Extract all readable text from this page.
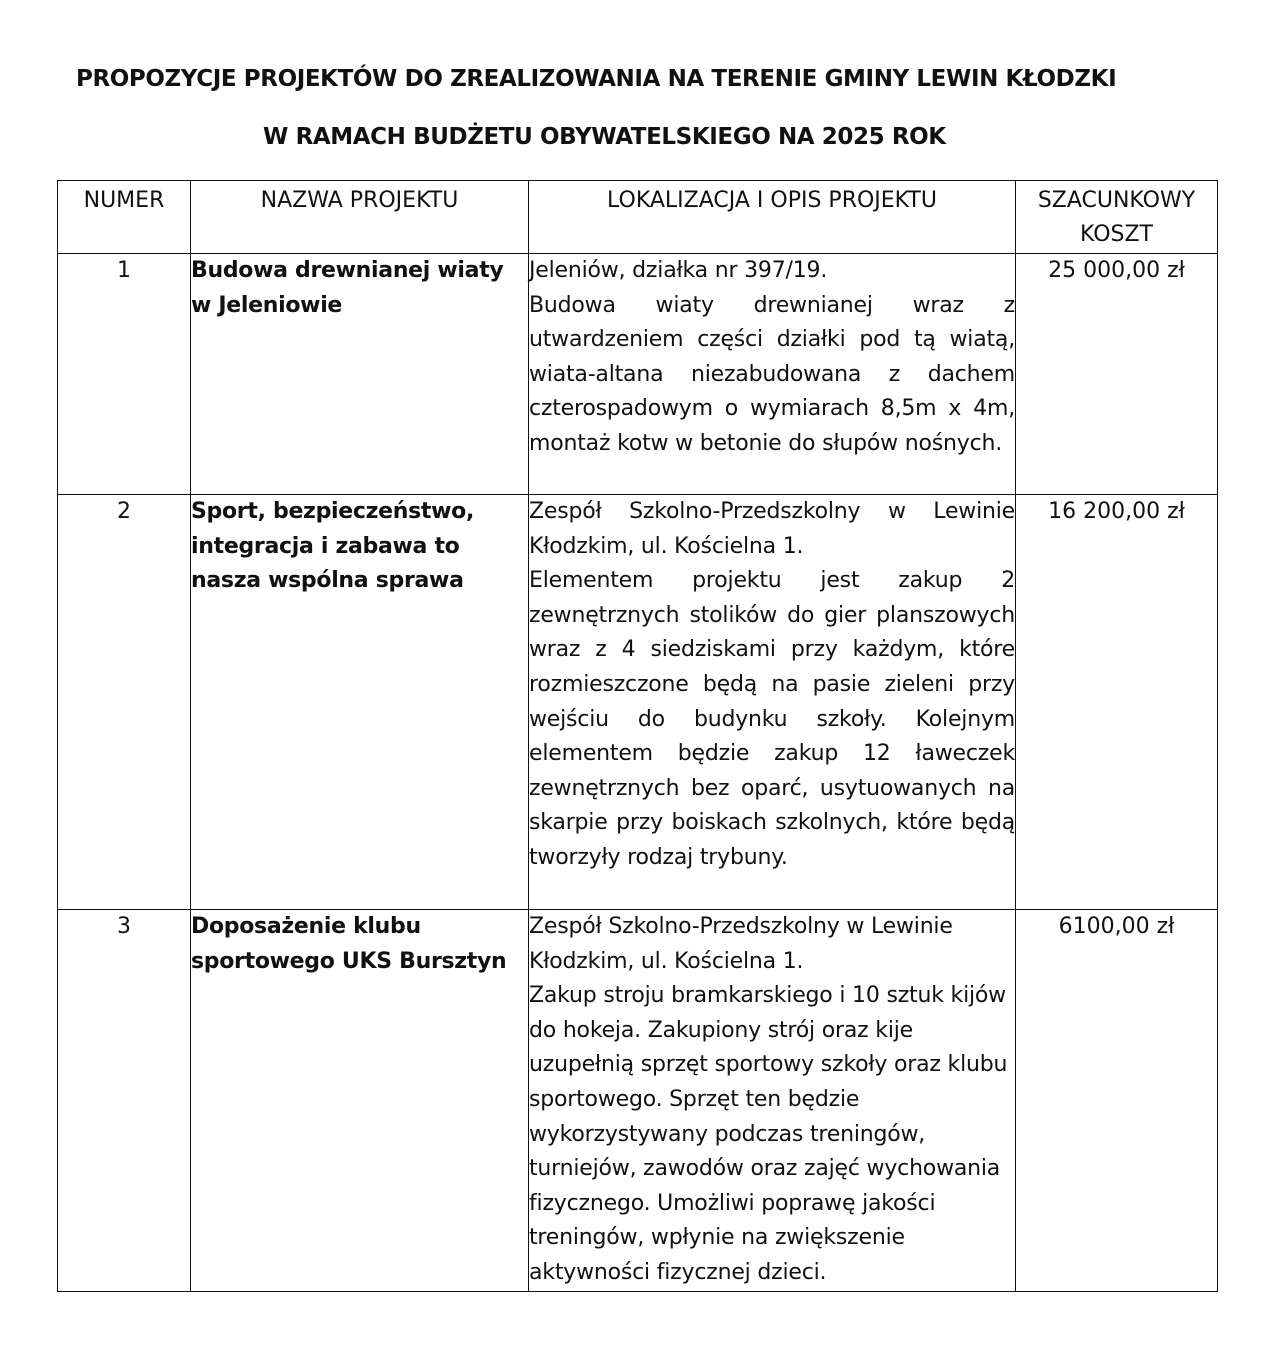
PROPOZYCJE PROJEKTÓW DO ZREALIZOWANIA NA TERENIE GMINY LEWIN KŁODZKI
W RAMACH BUDŻETU OBYWATELSKIEGO NA 2025 ROK
NUMER	NAZWA PROJEKTU	LOKALIZACJA I OPIS PROJEKTU	SZACUNKOWY
KOSZT

1	Budowa drewnianej wiaty w Jeleniowie	Jeleniów, działka nr 397/19.
Budowa wiaty drewnianej wraz z utwardzeniem części działki pod tą wiatą, wiata-altana niezabudowana z dachem czterospadowym o wymiarach 8,5m x 4m, montaż kotw w betonie do słupów nośnych.	25 000,00 zł
2	Sport, bezpieczeństwo, integracja i zabawa to nasza wspólna sprawa	Zespół Szkolno-Przedszkolny w Lewinie Kłodzkim, ul. Kościelna 1.
Elementem projektu jest zakup 2 zewnętrznych stolików do gier planszowych wraz z 4 siedziskami przy każdym, które rozmieszczone będą na pasie zieleni przy wejściu do budynku szkoły. Kolejnym elementem będzie zakup 12 ławeczek zewnętrznych bez oparć, usytuowanych na skarpie przy boiskach szkolnych, które będą tworzyły rodzaj trybuny.	16 200,00 zł
3	Doposażenie klubu sportowego UKS Bursztyn	Zespół Szkolno-Przedszkolny w Lewinie Kłodzkim, ul. Kościelna 1.
Zakup stroju bramkarskiego i 10 sztuk kijów do hokeja. Zakupiony strój oraz kije uzupełnią sprzęt sportowy szkoły oraz klubu sportowego. Sprzęt ten będzie wykorzystywany podczas treningów, turniejów, zawodów oraz zajęć wychowania fizycznego. Umożliwi poprawę jakości treningów, wpłynie na zwiększenie aktywności fizycznej dzieci.	6100,00 zł
